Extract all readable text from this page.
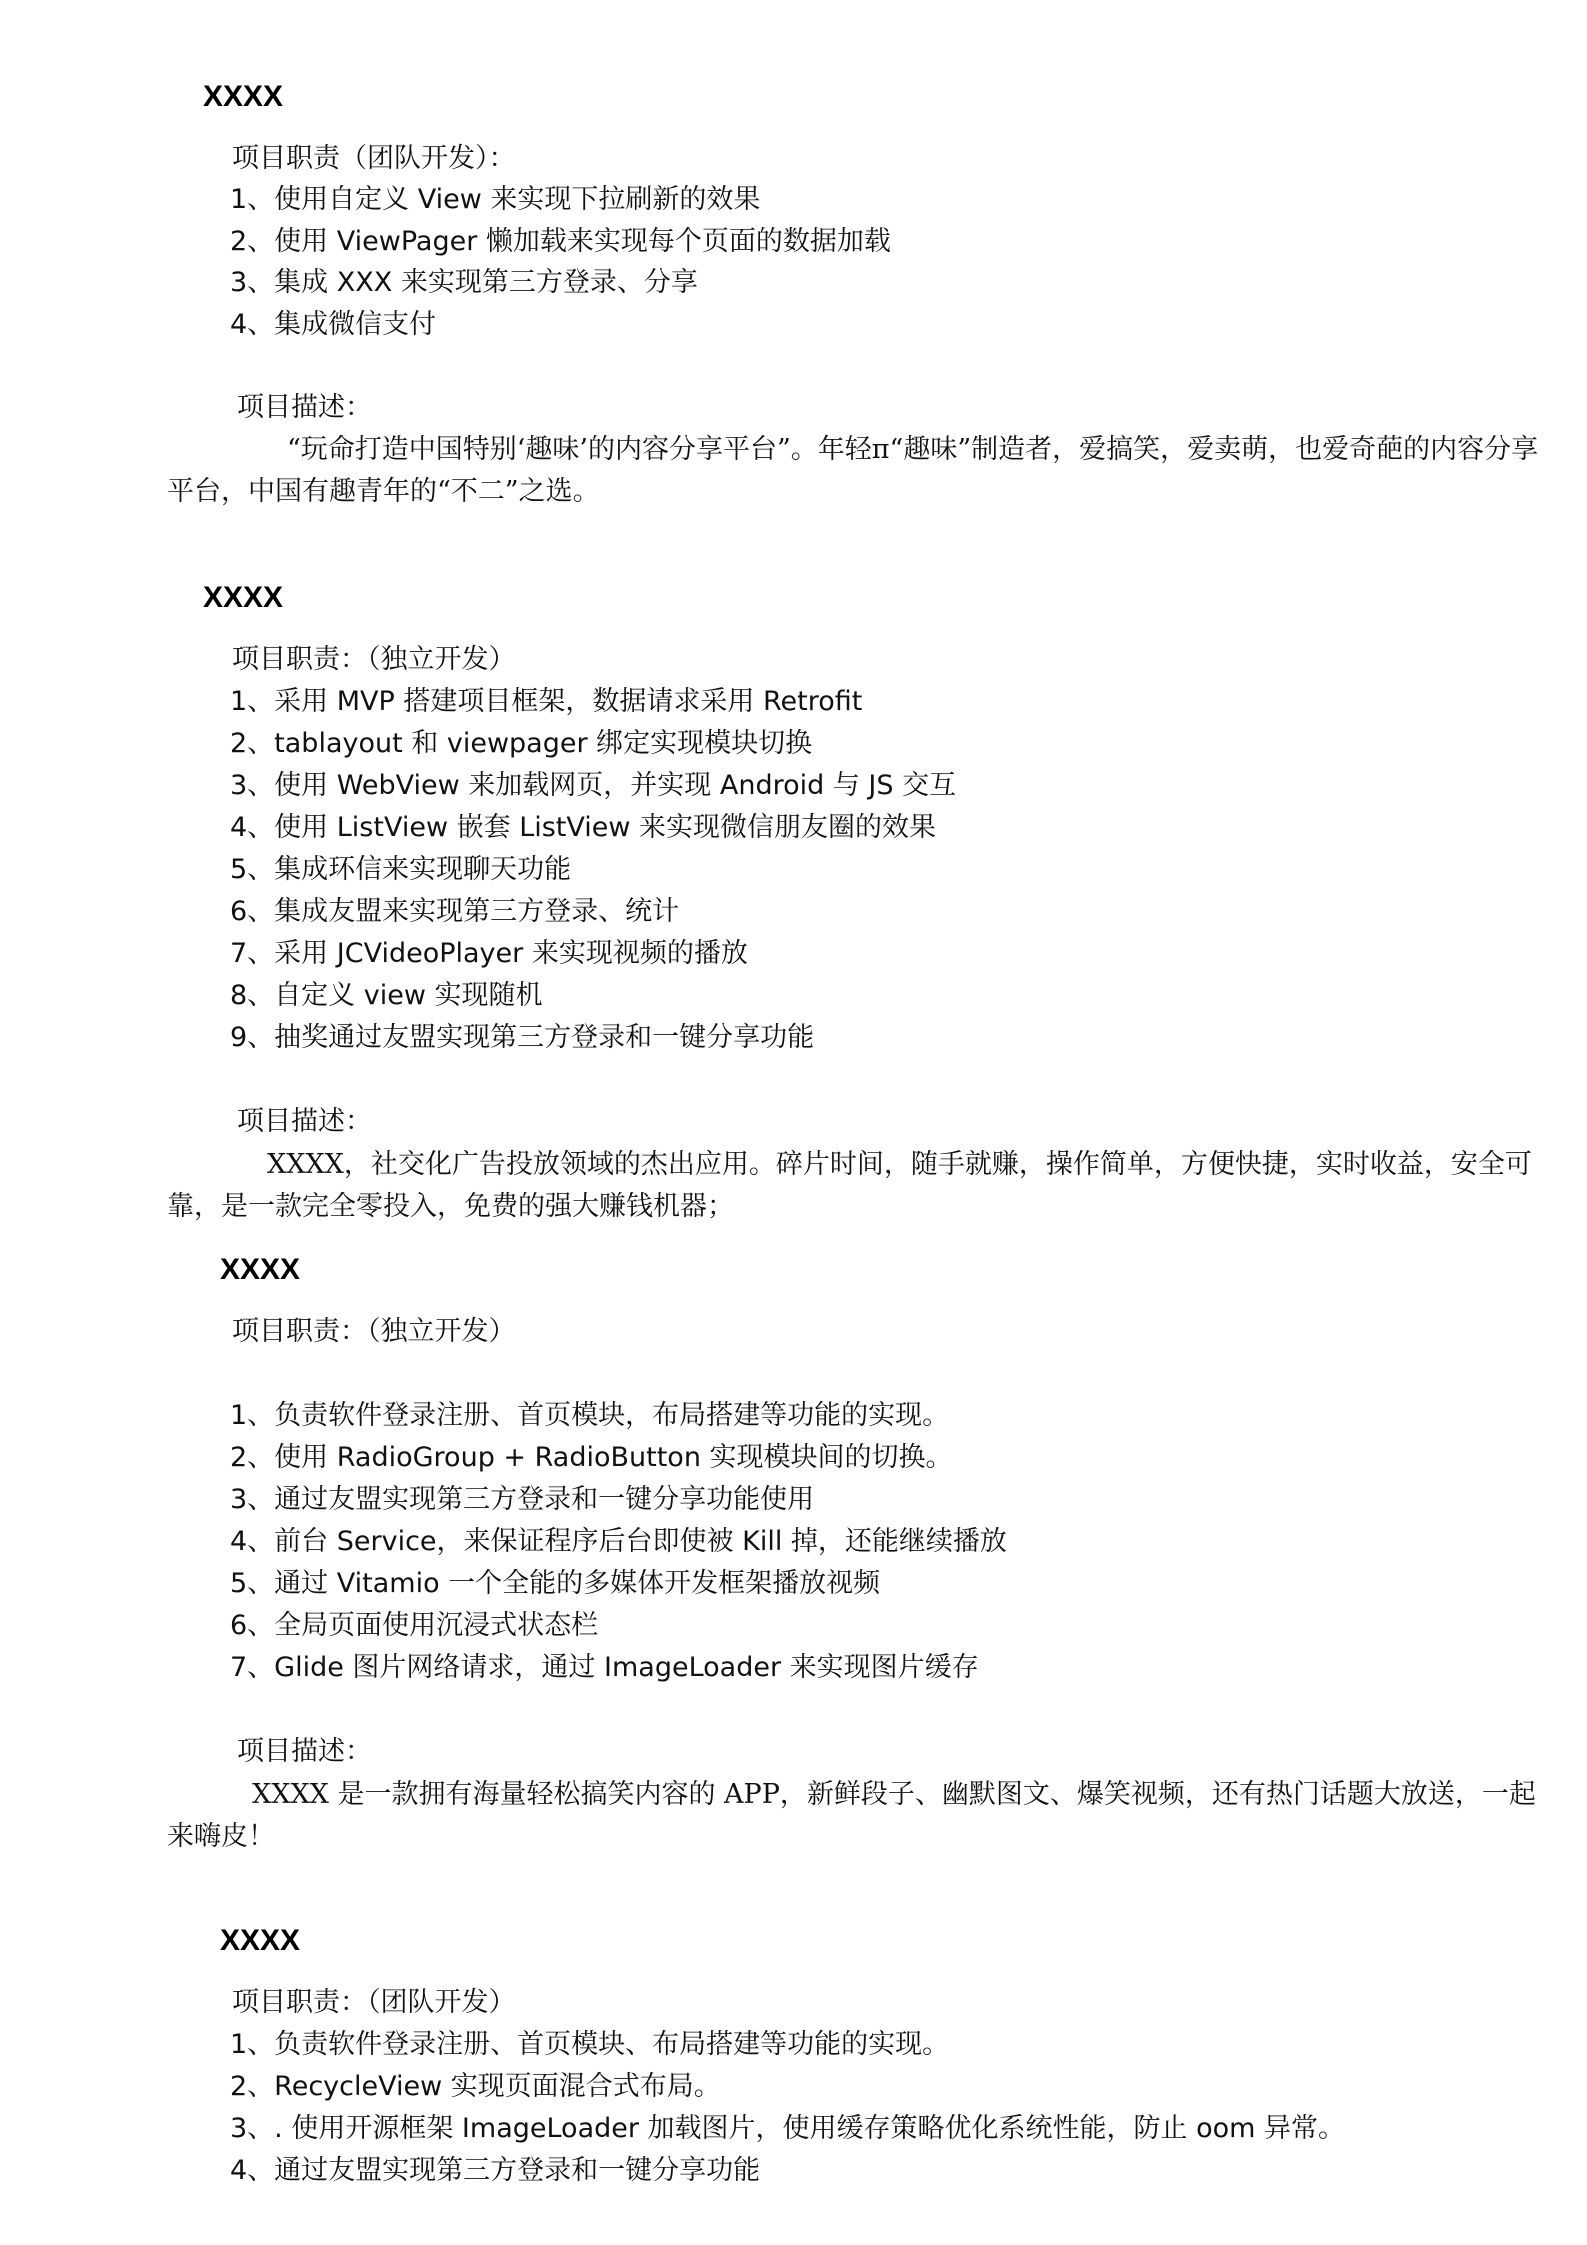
XXXX

项目职责（团队开发）：

1、使用自定义 View 来实现下拉刷新的效果

2、使用 ViewPager 懒加载来实现每个页面的数据加载

3、集成 XXX 来实现第三方登录、分享

4、集成微信支付

项目描述：

“玩命打造中国特别‘趣味’的内容分享平台”。年轻π“趣味”制造者，爱搞笑，爱卖萌，也爱奇葩的内容分享平台，中国有趣青年的“不二”之选。

XXXX

项目职责：（独立开发）

1、采用 MVP 搭建项目框架，数据请求采用 Retrofit

2、tablayout 和 viewpager 绑定实现模块切换

3、使用 WebView 来加载网页，并实现 Android 与 JS 交互

4、使用 ListView 嵌套 ListView 来实现微信朋友圈的效果

5、集成环信来实现聊天功能

6、集成友盟来实现第三方登录、统计

7、采用 JCVideoPlayer 来实现视频的播放

8、自定义 view 实现随机

9、抽奖通过友盟实现第三方登录和一键分享功能

项目描述：

XXXX，社交化广告投放领域的杰出应用。碎片时间，随手就赚，操作简单，方便快捷，实时收益，安全可靠，是一款完全零投入，免费的强大赚钱机器；

XXXX

项目职责：（独立开发）

1、负责软件登录注册、首页模块，布局搭建等功能的实现。

2、使用 RadioGroup + RadioButton 实现模块间的切换。

3、通过友盟实现第三方登录和一键分享功能使用

4、前台 Service，来保证程序后台即使被 Kill 掉，还能继续播放

5、通过 Vitamio 一个全能的多媒体开发框架播放视频

6、全局页面使用沉浸式状态栏

7、Glide 图片网络请求，通过 ImageLoader 来实现图片缓存

项目描述：

XXXX 是一款拥有海量轻松搞笑内容的 APP，新鲜段子、幽默图文、爆笑视频，还有热门话题大放送，一起来嗨皮！

XXXX

项目职责：（团队开发）

1、负责软件登录注册、首页模块、布局搭建等功能的实现。

2、RecycleView 实现页面混合式布局。

3、. 使用开源框架 ImageLoader 加载图片，使用缓存策略优化系统性能，防止 oom 异常。

4、通过友盟实现第三方登录和一键分享功能
